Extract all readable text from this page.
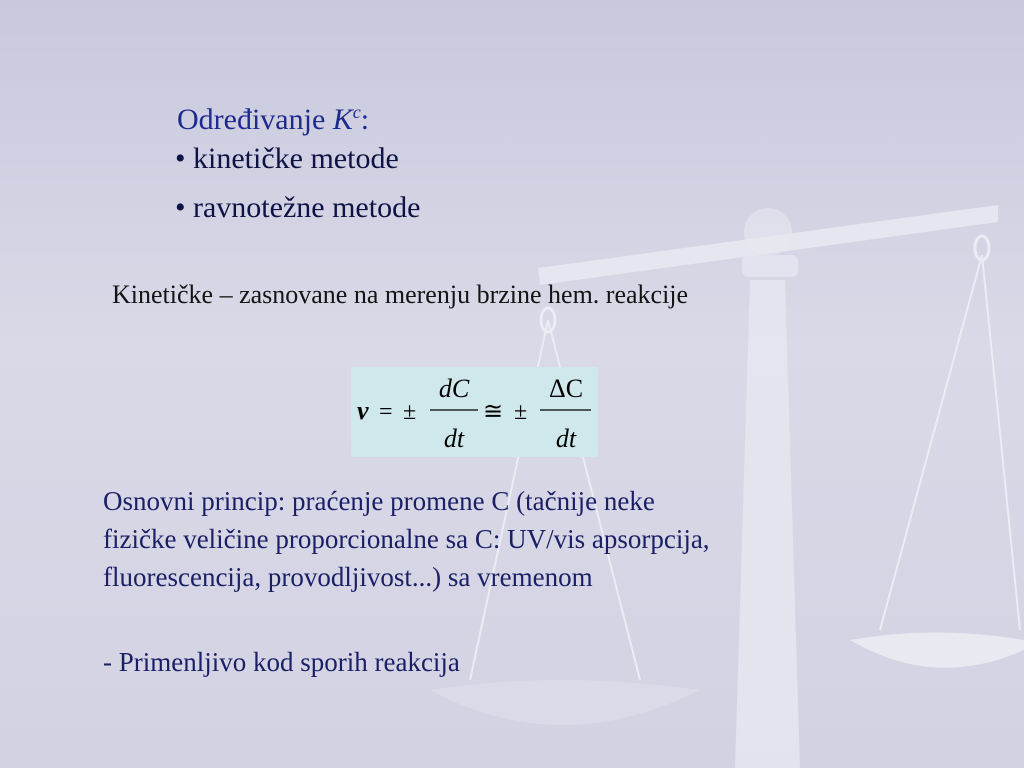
Određivanje $K^c$:
• kinetičke metode
• ravnotežne metode
Kinetičke – zasnovane na merenju brzine hem. reakcije
v = ±
dC
dt
≅ ±
ΔC
dt
Osnovni princip: praćenje promene C (tačnije neke
fizičke veličine proporcionalne sa C: UV/vis apsorpcija,
fluorescencija, provodljivost...) sa vremenom
- Primenljivo kod sporih reakcija
